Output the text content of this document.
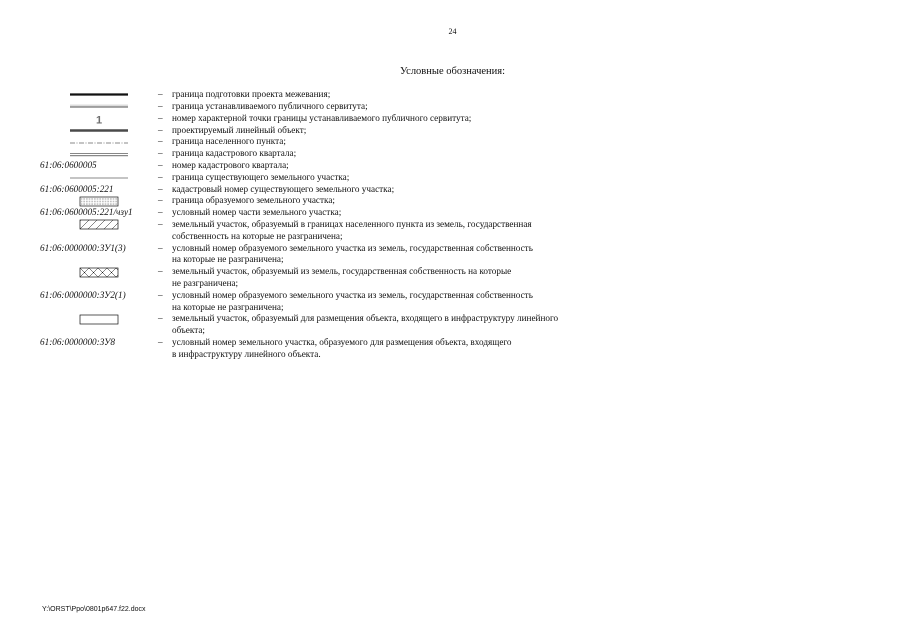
24
Условные обозначения:
–	граница подготовки проекта межевания;
–	граница устанавливаемого публичного сервитута;
1	–	номер характерной точки границы устанавливаемого публичного сервитута;
–	проектируемый линейный объект;
–	граница населенного пункта;
–	граница кадастрового квартала;
61:06:0600005	–	номер кадастрового квартала;
–	граница существующего земельного участка;
61:06:0600005:221	–	кадастровый номер существующего земельного участка;
–	граница образуемого земельного участка;
61:06:0600005:221/чзу1	–	условный номер части земельного участка;
–	земельный участок, образуемый в границах населенного пункта из земель, государственная
собственность на которые не разграничена;
61:06:0000000:ЗУ1(3)	–	условный номер образуемого земельного участка из земель, государственная собственность
на которые не разграничена;
–	земельный участок, образуемый из земель, государственная собственность на которые
не разграничена;
61:06:0000000:ЗУ2(1)	–	условный номер образуемого земельного участка из земель, государственная собственность
на которые не разграничена;
–	земельный участок, образуемый для размещения объекта, входящего в инфраструктуру линейного
объекта;
61:06:0000000:ЗУ8	–	условный номер земельного участка, образуемого для размещения объекта, входящего
в инфраструктуру линейного объекта.
Y:\ORST\Ppo\0801p647.f22.docx
